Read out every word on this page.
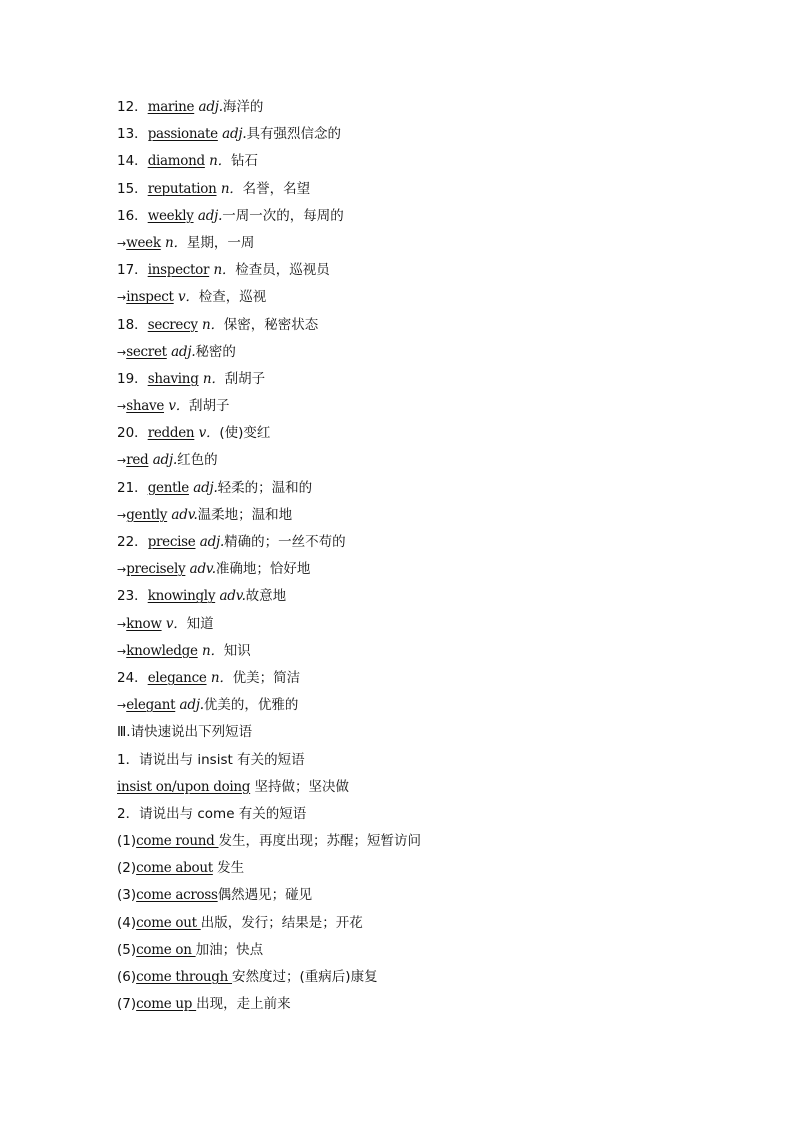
12．marine adj.海洋的
13．passionate adj.具有强烈信念的
14．diamond n．钻石
15．reputation n．名誉，名望
16．weekly adj.一周一次的，每周的
→week n．星期，一周
17．inspector n．检查员，巡视员
→inspect v．检查，巡视
18．secrecy n．保密，秘密状态
→secret adj.秘密的
19．shaving n．刮胡子
→shave v．刮胡子
20．redden v．(使)变红
→red adj.红色的
21．gentle adj.轻柔的；温和的
→gently adv.温柔地；温和地
22．precise adj.精确的；一丝不苟的
→precisely adv.准确地；恰好地
23．knowingly adv.故意地
→know v．知道
→knowledge n．知识
24．elegance n．优美；简洁
→elegant adj.优美的，优雅的
Ⅲ.请快速说出下列短语
1．请说出与 insist 有关的短语
insist on/upon doing 坚持做；坚决做
2．请说出与 come 有关的短语
(1)come round 发生，再度出现；苏醒；短暂访问
(2)come about 发生
(3)come across偶然遇见；碰见
(4)come out 出版，发行；结果是；开花
(5)come on 加油；快点
(6)come through 安然度过；(重病后)康复
(7)come up 出现，走上前来
